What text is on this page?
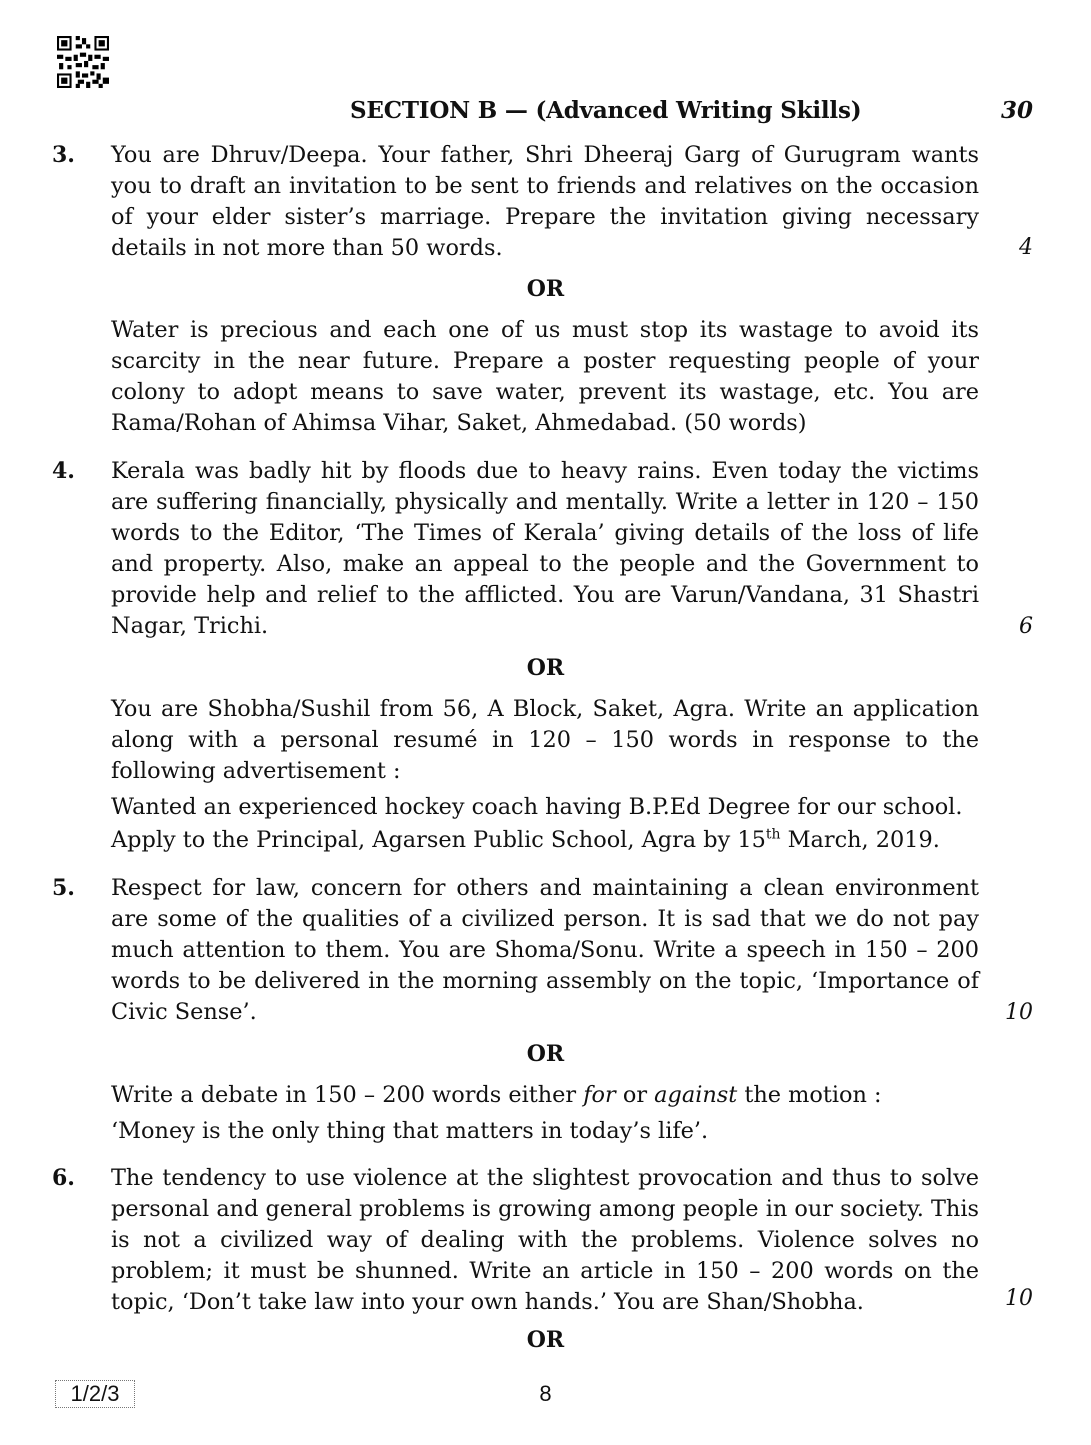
SECTION B — (Advanced Writing Skills)	30
3. You are Dhruv/Deepa. Your father, Shri Dheeraj Garg of Gurugram wants you to draft an invitation to be sent to friends and relatives on the occasion of your elder sister’s marriage. Prepare the invitation giving necessary details in not more than 50 words.	4
OR
Water is precious and each one of us must stop its wastage to avoid its scarcity in the near future. Prepare a poster requesting people of your colony to adopt means to save water, prevent its wastage, etc. You are Rama/Rohan of Ahimsa Vihar, Saket, Ahmedabad. (50 words)
4. Kerala was badly hit by floods due to heavy rains. Even today the victims are suffering financially, physically and mentally. Write a letter in 120 – 150 words to the Editor, ‘The Times of Kerala’ giving details of the loss of life and property. Also, make an appeal to the people and the Government to provide help and relief to the afflicted. You are Varun/Vandana, 31 Shastri Nagar, Trichi.	6
OR
You are Shobha/Sushil from 56, A Block, Saket, Agra. Write an application along with a personal resumé in 120 – 150 words in response to the following advertisement :
Wanted an experienced hockey coach having B.P.Ed Degree for our school.
Apply to the Principal, Agarsen Public School, Agra by 15th March, 2019.
5. Respect for law, concern for others and maintaining a clean environment are some of the qualities of a civilized person. It is sad that we do not pay much attention to them. You are Shoma/Sonu. Write a speech in 150 – 200 words to be delivered in the morning assembly on the topic, ‘Importance of Civic Sense’.	10
OR
Write a debate in 150 – 200 words either for or against the motion :
‘Money is the only thing that matters in today’s life’.
6. The tendency to use violence at the slightest provocation and thus to solve personal and general problems is growing among people in our society. This is not a civilized way of dealing with the problems. Violence solves no problem; it must be shunned. Write an article in 150 – 200 words on the topic, ‘Don’t take law into your own hands.’ You are Shan/Shobha.	10
OR
1/2/3	8
